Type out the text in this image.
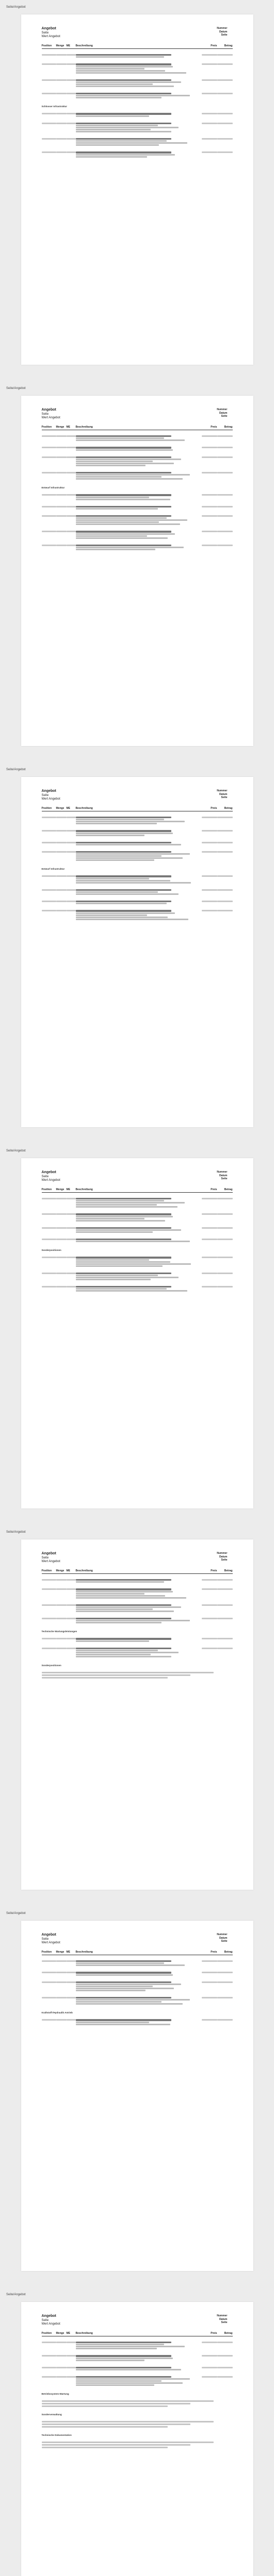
Seite/Angebot
Angebot
Seite
Wert Angebot
Nummer
Datum
Seite
Position	Menge ME	Beschreibung	Preis	Betrag
Schlosser Infrastruktur
Seite/Angebot
Angebot
Seite
Wert Angebot
Nummer
Datum
Seite
Position	Menge ME	Beschreibung	Preis	Betrag
Entwurf Infrastruktur
Seite/Angebot
Angebot
Seite
Wert Angebot
Nummer
Datum
Seite
Position	Menge ME	Beschreibung	Preis	Betrag
Entwurf Infrastruktur
Seite/Angebot
Angebot
Seite
Wert Angebot
Nummer
Datum
Seite
Position	Menge ME	Beschreibung	Preis	Betrag
Sonderpositionen
Seite/Angebot
Angebot
Seite
Wert Angebot
Nummer
Datum
Seite
Position	Menge ME	Beschreibung	Preis	Betrag
Technische Wartungsleistungen
Sonderpositionen
Seite/Angebot
Angebot
Seite
Wert Angebot
Nummer
Datum
Seite
Position	Menge ME	Beschreibung	Preis	Betrag
Kraftstoff-/Hydraulik Antrieb
Seite/Angebot
Angebot
Seite
Wert Angebot
Nummer
Datum
Seite
Position	Menge ME	Beschreibung	Preis	Betrag
Betriebssystem-Wartung
Sonderverwaltung
Technische Dokumentation
